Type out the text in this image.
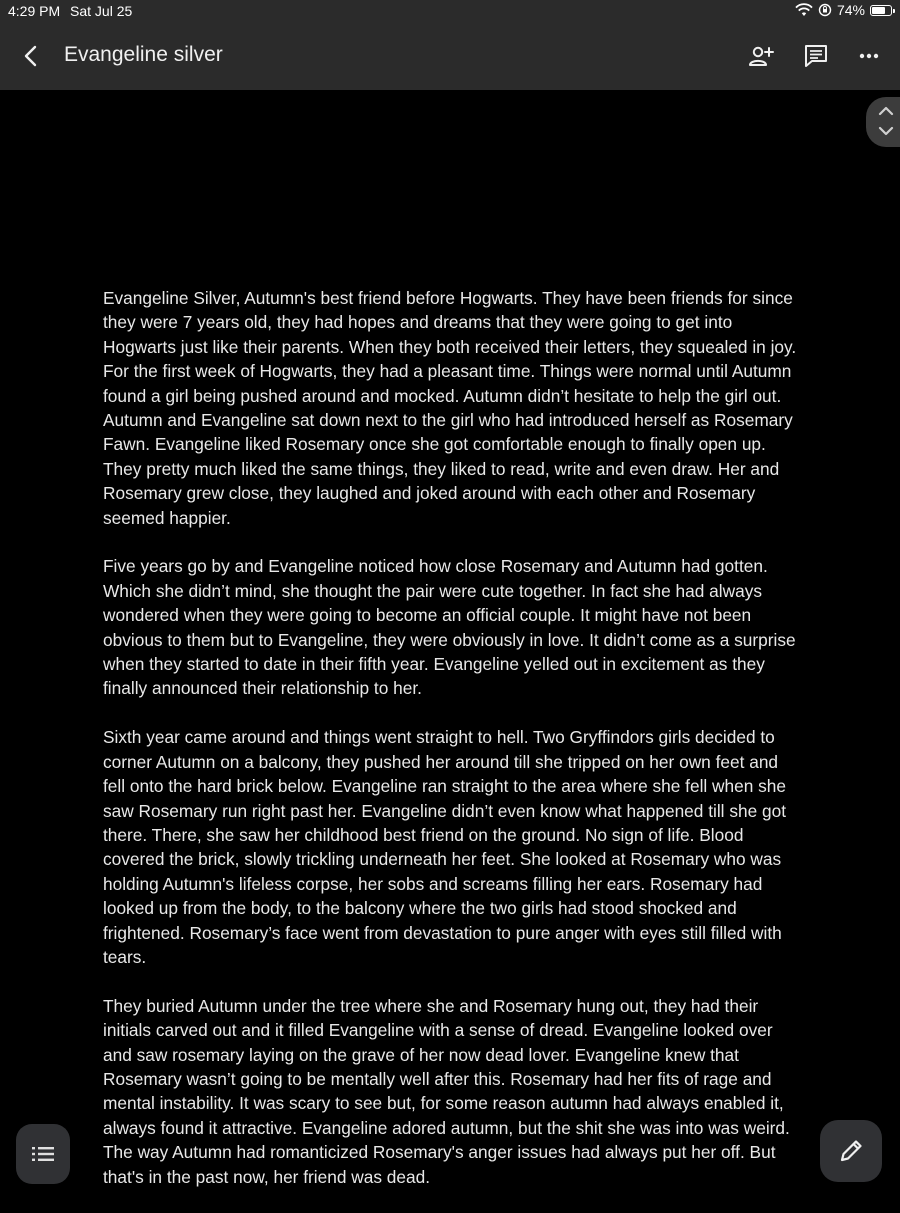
4:29 PM Sat Jul 25	74%
Evangeline silver

Evangeline Silver, Autumn's best friend before Hogwarts. They have been friends for since they were 7 years old, they had hopes and dreams that they were going to get into Hogwarts just like their parents. When they both received their letters, they squealed in joy. For the first week of Hogwarts, they had a pleasant time. Things were normal until Autumn found a girl being pushed around and mocked. Autumn didn’t hesitate to help the girl out. Autumn and Evangeline sat down next to the girl who had introduced herself as Rosemary Fawn. Evangeline liked Rosemary once she got comfortable enough to finally open up. They pretty much liked the same things, they liked to read, write and even draw. Her and Rosemary grew close, they laughed and joked around with each other and Rosemary seemed happier.

Five years go by and Evangeline noticed how close Rosemary and Autumn had gotten. Which she didn’t mind, she thought the pair were cute together. In fact she had always wondered when they were going to become an official couple. It might have not been obvious to them but to Evangeline, they were obviously in love. It didn’t come as a surprise when they started to date in their fifth year. Evangeline yelled out in excitement as they finally announced their relationship to her.

Sixth year came around and things went straight to hell. Two Gryffindors girls decided to corner Autumn on a balcony, they pushed her around till she tripped on her own feet and fell onto the hard brick below. Evangeline ran straight to the area where she fell when she saw Rosemary run right past her. Evangeline didn’t even know what happened till she got there. There, she saw her childhood best friend on the ground. No sign of life. Blood covered the brick, slowly trickling underneath her feet. She looked at Rosemary who was holding Autumn's lifeless corpse, her sobs and screams filling her ears. Rosemary had looked up from the body, to the balcony where the two girls had stood shocked and frightened. Rosemary’s face went from devastation to pure anger with eyes still filled with tears.

They buried Autumn under the tree where she and Rosemary hung out, they had their initials carved out and it filled Evangeline with a sense of dread. Evangeline looked over and saw rosemary laying on the grave of her now dead lover. Evangeline knew that Rosemary wasn’t going to be mentally well after this. Rosemary had her fits of rage and mental instability. It was scary to see but, for some reason autumn had always enabled it, always found it attractive. Evangeline adored autumn, but the shit she was into was weird. The way Autumn had romanticized Rosemary's anger issues had always put her off. But that's in the past now, her friend was dead.
